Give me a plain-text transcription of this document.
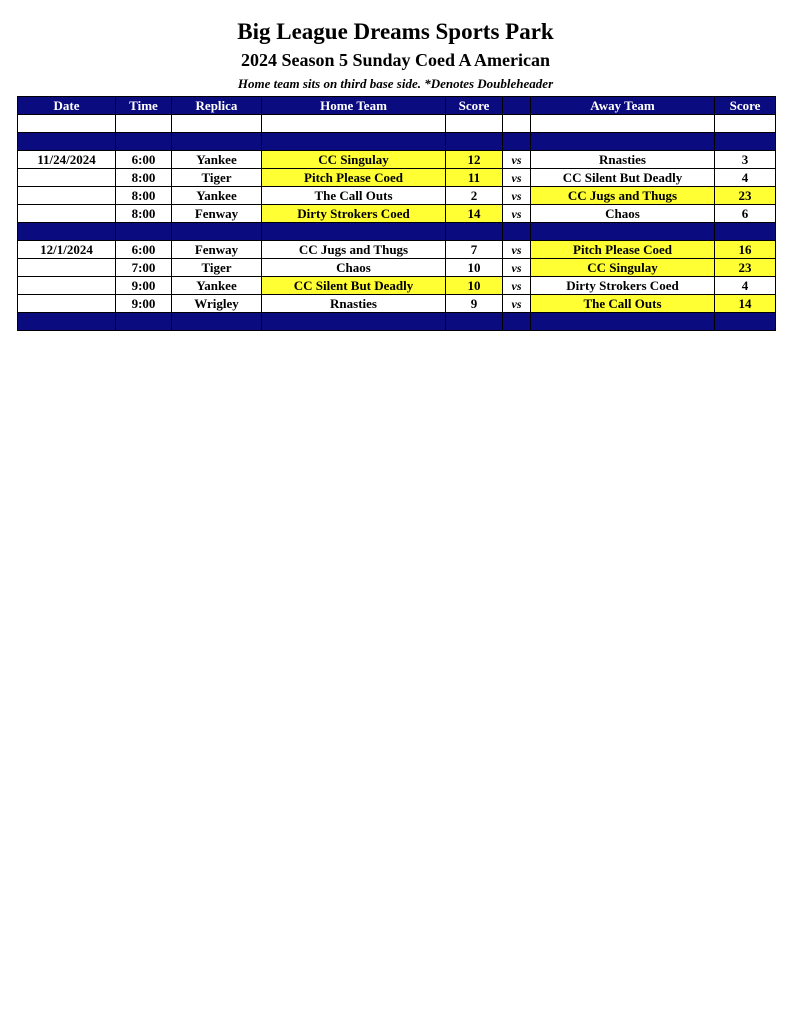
Big League Dreams Sports Park
2024 Season 5 Sunday Coed A American
Home team sits on third base side. *Denotes Doubleheader
Date	Time	Replica	Home Team	Score		Away Team	Score

11/24/2024	6:00	Yankee	CC Singulay	12	vs	Rnasties	3
	8:00	Tiger	Pitch Please Coed	11	vs	CC Silent But Deadly	4
	8:00	Yankee	The Call Outs	2	vs	CC Jugs and Thugs	23
	8:00	Fenway	Dirty Strokers Coed	14	vs	Chaos	6

12/1/2024	6:00	Fenway	CC Jugs and Thugs	7	vs	Pitch Please Coed	16
	7:00	Tiger	Chaos	10	vs	CC Singulay	23
	9:00	Yankee	CC Silent But Deadly	10	vs	Dirty Strokers Coed	4
	9:00	Wrigley	Rnasties	9	vs	The Call Outs	14
